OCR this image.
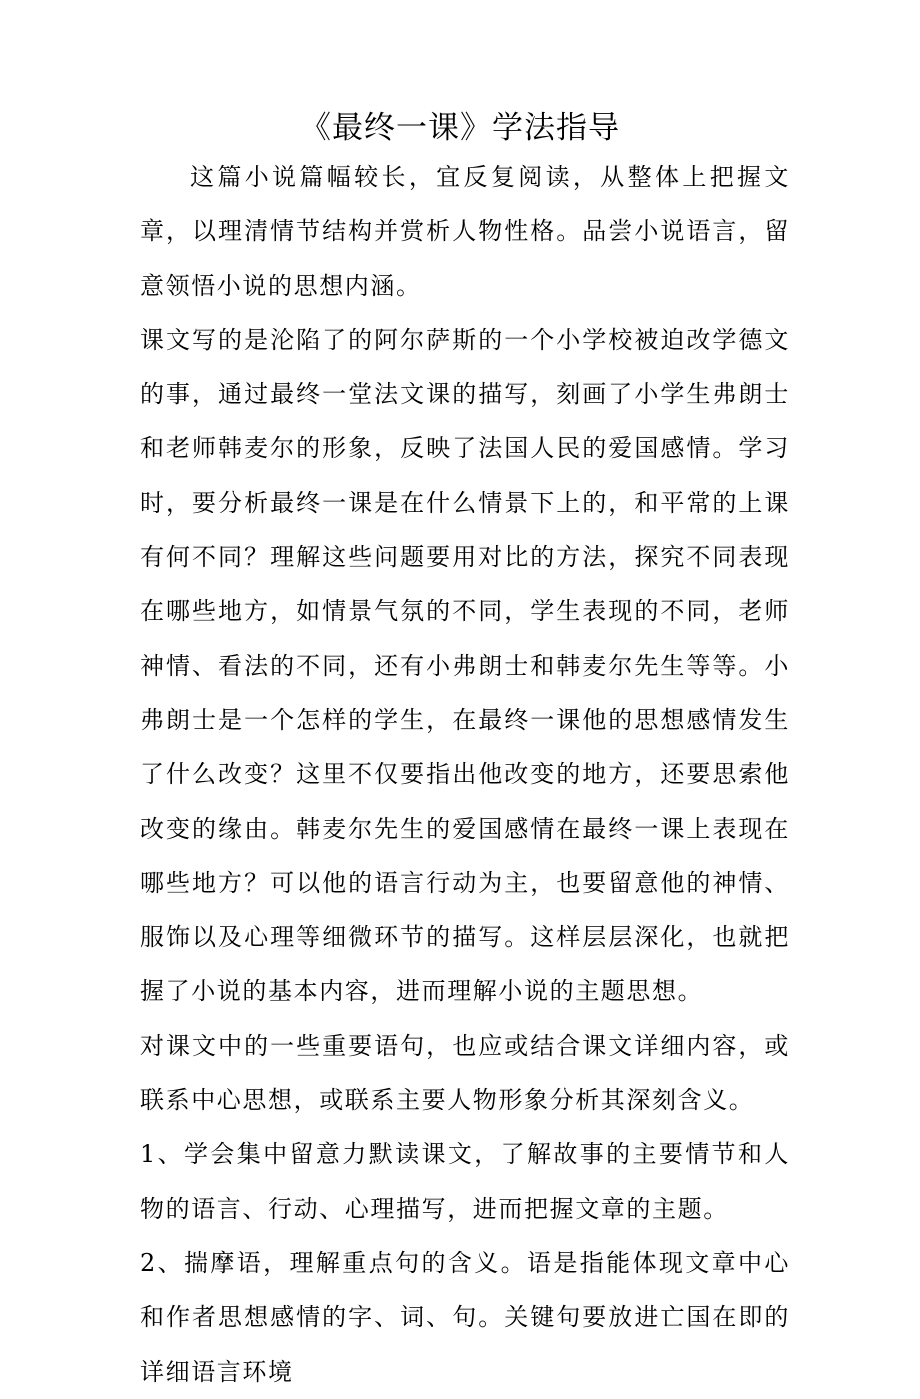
《最终一课》学法指导

这篇小说篇幅较长，宜反复阅读，从整体上把握文章，以理清情节结构并赏析人物性格。品尝小说语言，留意领悟小说的思想内涵。

课文写的是沦陷了的阿尔萨斯的一个小学校被迫改学德文的事，通过最终一堂法文课的描写，刻画了小学生弗朗士和老师韩麦尔的形象，反映了法国人民的爱国感情。学习时，要分析最终一课是在什么情景下上的，和平常的上课有何不同？理解这些问题要用对比的方法，探究不同表现在哪些地方，如情景气氛的不同，学生表现的不同，老师神情、看法的不同，还有小弗朗士和韩麦尔先生等等。小弗朗士是一个怎样的学生，在最终一课他的思想感情发生了什么改变？这里不仅要指出他改变的地方，还要思索他改变的缘由。韩麦尔先生的爱国感情在最终一课上表现在哪些地方？可以他的语言行动为主，也要留意他的神情、服饰以及心理等细微环节的描写。这样层层深化，也就把握了小说的基本内容，进而理解小说的主题思想。

对课文中的一些重要语句，也应或结合课文详细内容，或联系中心思想，或联系主要人物形象分析其深刻含义。

1、学会集中留意力默读课文，了解故事的主要情节和人物的语言、行动、心理描写，进而把握文章的主题。

2、揣摩语，理解重点句的含义。语是指能体现文章中心和作者思想感情的字、词、句。关键句要放进亡国在即的详细语言环境
